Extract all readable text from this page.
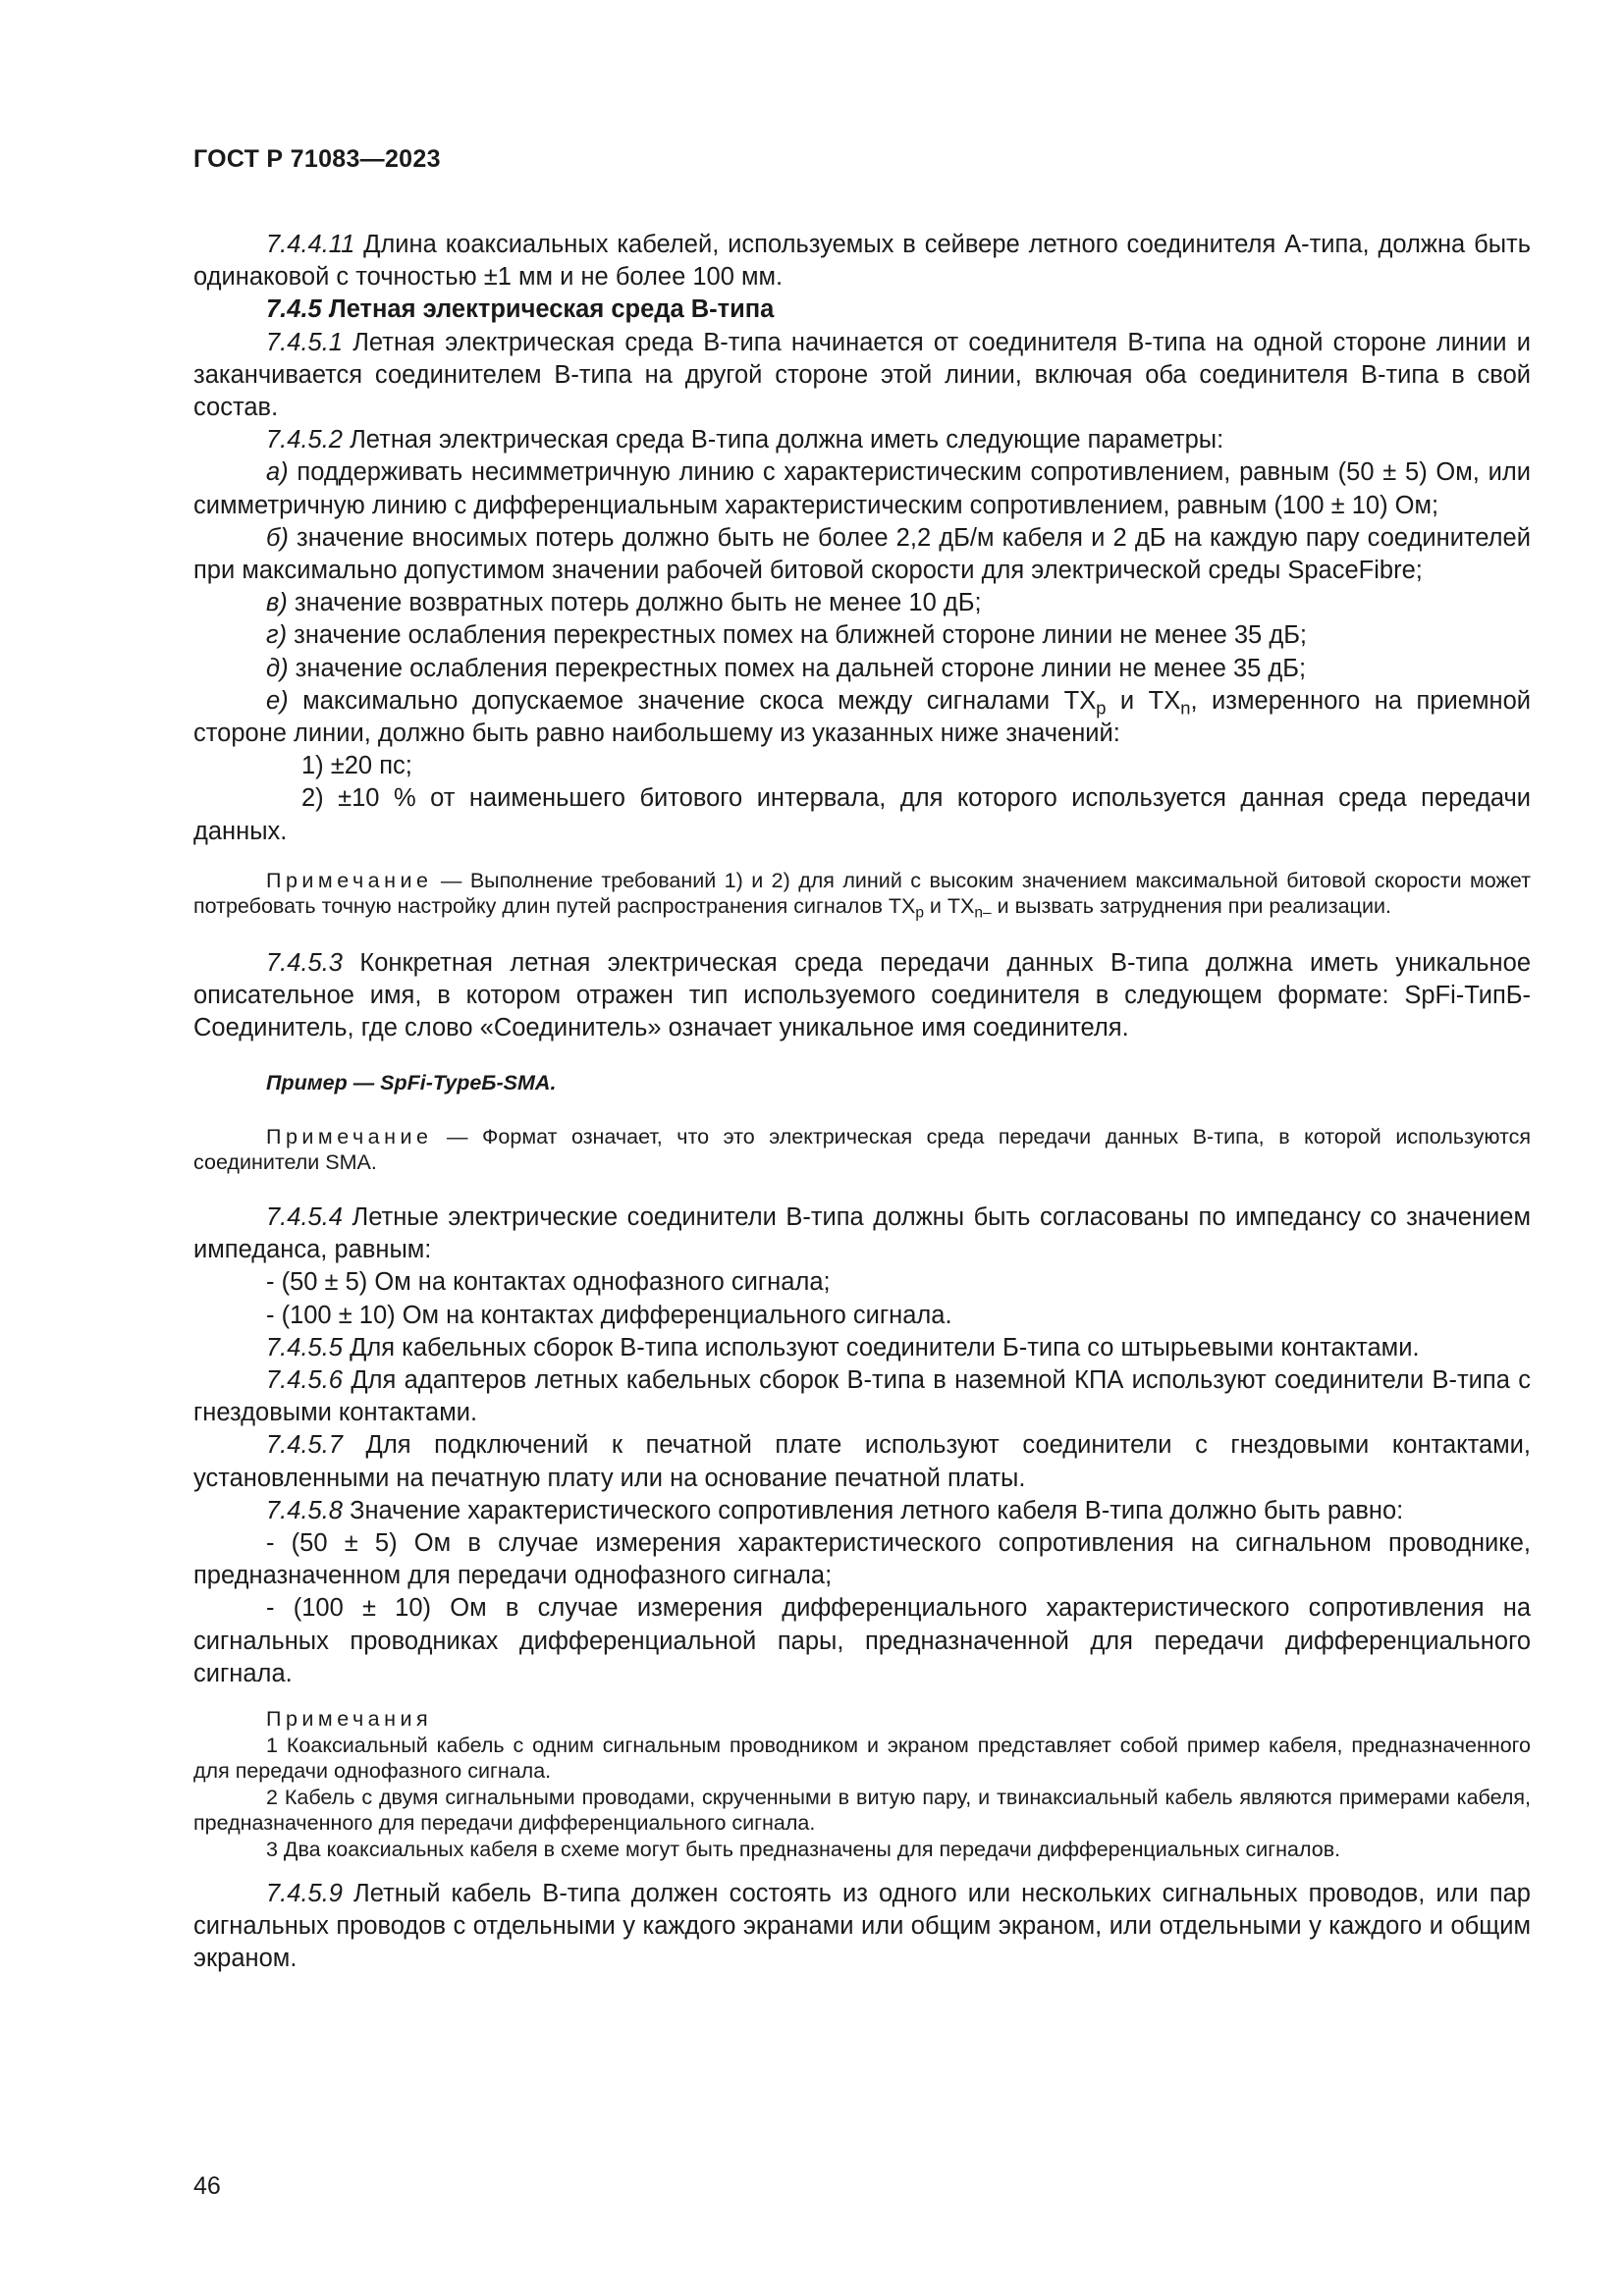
ГОСТ Р 71083—2023

7.4.4.11 Длина коаксиальных кабелей, используемых в сейвере летного соединителя A-типа, должна быть одинаковой с точностью ±1 мм и не более 100 мм.

7.4.5 Летная электрическая среда B-типа

7.4.5.1 Летная электрическая среда B-типа начинается от соединителя B-типа на одной стороне линии и заканчивается соединителем B-типа на другой стороне этой линии, включая оба соединителя B-типа в свой состав.

7.4.5.2 Летная электрическая среда B-типа должна иметь следующие параметры:

а) поддерживать несимметричную линию с характеристическим сопротивлением, равным (50 ± 5) Ом, или симметричную линию с дифференциальным характеристическим сопротивлением, равным (100 ± 10) Ом;

б) значение вносимых потерь должно быть не более 2,2 дБ/м кабеля и 2 дБ на каждую пару соединителей при максимально допустимом значении рабочей битовой скорости для электрической среды SpaceFibre;

в) значение возвратных потерь должно быть не менее 10 дБ;

г) значение ослабления перекрестных помех на ближней стороне линии не менее 35 дБ;

д) значение ослабления перекрестных помех на дальней стороне линии не менее 35 дБ;

е) максимально допускаемое значение скоса между сигналами $TX_p$ и $TX_n$, измеренного на приемной стороне линии, должно быть равно наибольшему из указанных ниже значений:

1) ±20 пс;

2) ±10 % от наименьшего битового интервала, для которого используется данная среда передачи данных.

Примечание — Выполнение требований 1) и 2) для линий с высоким значением максимальной битовой скорости может потребовать точную настройку длин путей распространения сигналов $TX_p$ и $TX_{n-}$ и вызвать затруднения при реализации.

7.4.5.3 Конкретная летная электрическая среда передачи данных B-типа должна иметь уникальное описательное имя, в котором отражен тип используемого соединителя в следующем формате: SpFi-ТипБ-Соединитель, где слово «Соединитель» означает уникальное имя соединителя.

Пример — SpFi-TypeБ-SMA.

Примечание — Формат означает, что это электрическая среда передачи данных B-типа, в которой используются соединители SMA.

7.4.5.4 Летные электрические соединители B-типа должны быть согласованы по импедансу со значением импеданса, равным:

- (50 ± 5) Ом на контактах однофазного сигнала;

- (100 ± 10) Ом на контактах дифференциального сигнала.

7.4.5.5 Для кабельных сборок B-типа используют соединители Б-типа со штырьевыми контактами.

7.4.5.6 Для адаптеров летных кабельных сборок B-типа в наземной КПА используют соединители B-типа с гнездовыми контактами.

7.4.5.7 Для подключений к печатной плате используют соединители с гнездовыми контактами, установленными на печатную плату или на основание печатной платы.

7.4.5.8 Значение характеристического сопротивления летного кабеля B-типа должно быть равно:

- (50 ± 5) Ом в случае измерения характеристического сопротивления на сигнальном проводнике, предназначенном для передачи однофазного сигнала;

- (100 ± 10) Ом в случае измерения дифференциального характеристического сопротивления на сигнальных проводниках дифференциальной пары, предназначенной для передачи дифференциального сигнала.

Примечания

1 Коаксиальный кабель с одним сигнальным проводником и экраном представляет собой пример кабеля, предназначенного для передачи однофазного сигнала.

2 Кабель с двумя сигнальными проводами, скрученными в витую пару, и твинаксиальный кабель являются примерами кабеля, предназначенного для передачи дифференциального сигнала.

3 Два коаксиальных кабеля в схеме могут быть предназначены для передачи дифференциальных сигналов.

7.4.5.9 Летный кабель B-типа должен состоять из одного или нескольких сигнальных проводов, или пар сигнальных проводов с отдельными у каждого экранами или общим экраном, или отдельными у каждого и общим экраном.

46
